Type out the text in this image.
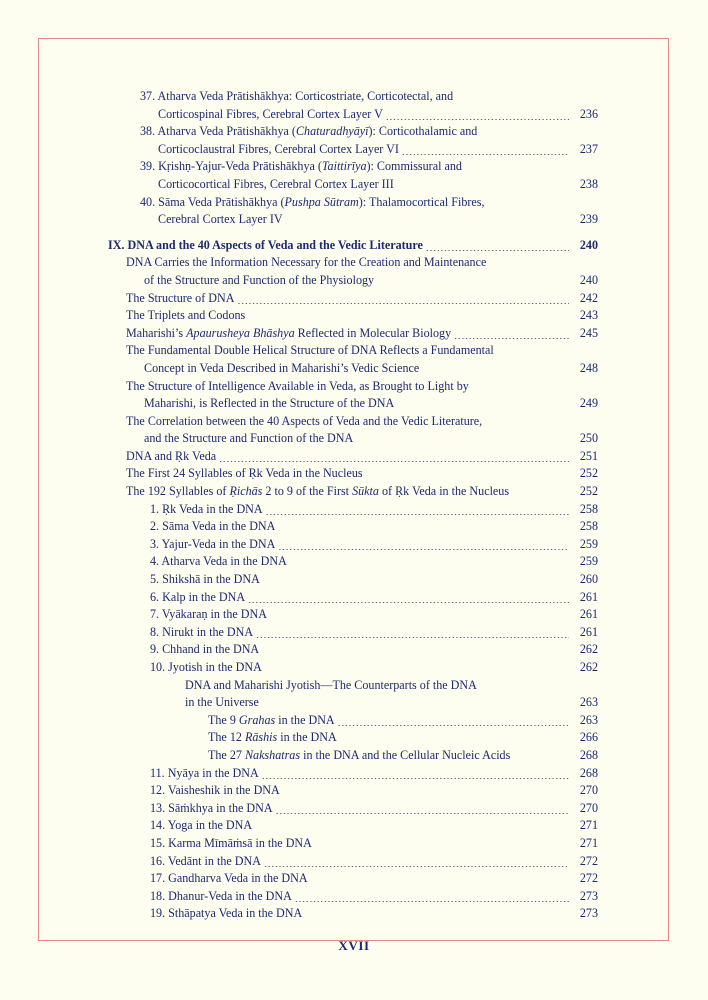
37. Atharva Veda Prātishākhya: Corticostriate, Corticotectal, and
Corticospinal Fibres, Cerebral Cortex Layer V .....	236
38. Atharva Veda Prātishākhya (Chaturadhyāyī): Corticothalamic and
Corticoclaustral Fibres, Cerebral Cortex Layer VI .....	237
39. Kṛishṇ-Yajur-Veda Prātishākhya (Taittirīya): Commissural and
Corticocortical Fibres, Cerebral Cortex Layer III .....	238
40. Sāma Veda Prātishākhya (Pushpa Sūtram): Thalamocortical Fibres,
Cerebral Cortex Layer IV .....	239
IX. DNA and the 40 Aspects of Veda and the Vedic Literature .....	240
DNA Carries the Information Necessary for the Creation and Maintenance
of the Structure and Function of the Physiology .....	240
The Structure of DNA .....	242
The Triplets and Codons .....	243
Maharishi’s Apaurusheya Bhāshya Reflected in Molecular Biology .....	245
The Fundamental Double Helical Structure of DNA Reflects a Fundamental
Concept in Veda Described in Maharishi’s Vedic Science .....	248
The Structure of Intelligence Available in Veda, as Brought to Light by
Maharishi, is Reflected in the Structure of the DNA .....	249
The Correlation between the 40 Aspects of Veda and the Vedic Literature,
and the Structure and Function of the DNA .....	250
DNA and Ṛk Veda .....	251
The First 24 Syllables of Ṛk Veda in the Nucleus .....	252
The 192 Syllables of Ṛichās 2 to 9 of the First Sūkta of Ṛk Veda in the Nucleus .....	252
1. Ṛk Veda in the DNA .....	258
2. Sāma Veda in the DNA .....	258
3. Yajur-Veda in the DNA .....	259
4. Atharva Veda in the DNA .....	259
5. Shikshā in the DNA .....	260
6. Kalp in the DNA .....	261
7. Vyākaraṇ in the DNA .....	261
8. Nirukt in the DNA .....	261
9. Chhand in the DNA .....	262
10. Jyotish in the DNA .....	262
DNA and Maharishi Jyotish—The Counterparts of the DNA
in the Universe .....	263
The 9 Grahas in the DNA .....	263
The 12 Rāshis in the DNA .....	266
The 27 Nakshatras in the DNA and the Cellular Nucleic Acids .....	268
11. Nyāya in the DNA .....	268
12. Vaisheshik in the DNA .....	270
13. Sāṁkhya in the DNA .....	270
14. Yoga in the DNA .....	271
15. Karma Mīmāṁsā in the DNA .....	271
16. Vedānt in the DNA .....	272
17. Gandharva Veda in the DNA .....	272
18. Dhanur-Veda in the DNA .....	273
19. Sthāpatya Veda in the DNA .....	273
XVII
